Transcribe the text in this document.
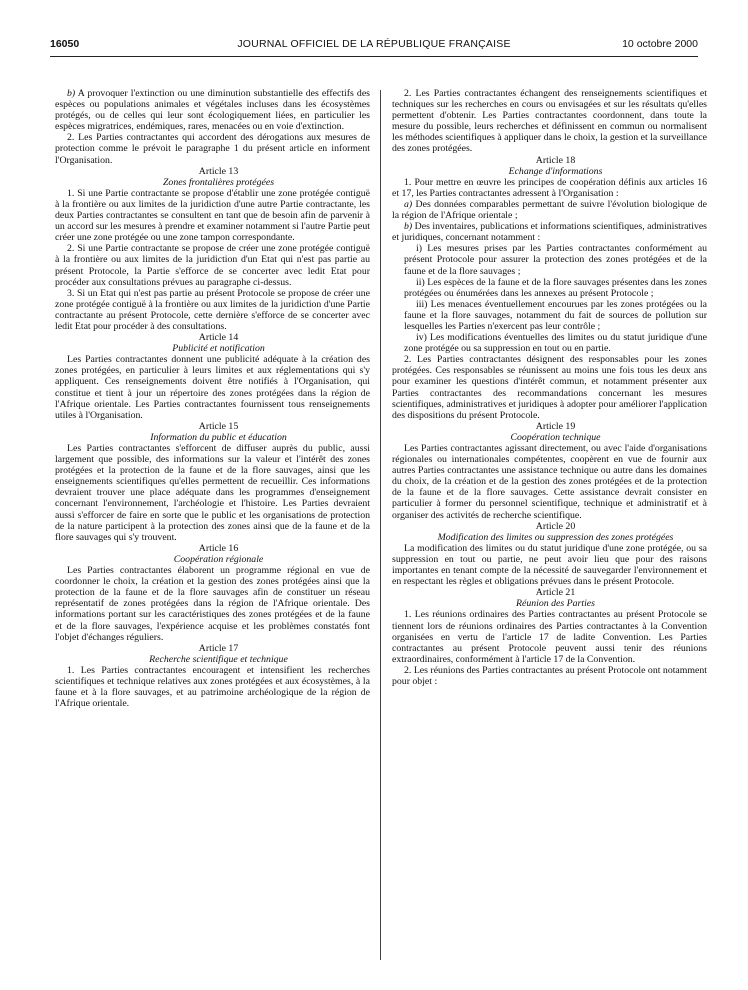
16050	JOURNAL OFFICIEL DE LA RÉPUBLIQUE FRANÇAISE	10 octobre 2000

b) A provoquer l'extinction ou une diminution substantielle des effectifs des espèces ou populations animales et végétales incluses dans les écosystèmes protégés, ou de celles qui leur sont écologiquement liées, en particulier les espèces migratrices, endémiques, rares, menacées ou en voie d'extinction.

2. Les Parties contractantes qui accordent des dérogations aux mesures de protection comme le prévoit le paragraphe 1 du présent article en informent l'Organisation.

Article 13

Zones frontalières protégées

1. Si une Partie contractante se propose d'établir une zone protégée contiguë à la frontière ou aux limites de la juridiction d'une autre Partie contractante, les deux Parties contractantes se consultent en tant que de besoin afin de parvenir à un accord sur les mesures à prendre et examiner notamment si l'autre Partie peut créer une zone protégée ou une zone tampon correspondante.

2. Si une Partie contractante se propose de créer une zone protégée contiguë à la frontière ou aux limites de la juridiction d'un Etat qui n'est pas partie au présent Protocole, la Partie s'efforce de se concerter avec ledit Etat pour procéder aux consultations prévues au paragraphe ci-dessus.

3. Si un Etat qui n'est pas partie au présent Protocole se propose de créer une zone protégée contiguë à la frontière ou aux limites de la juridiction d'une Partie contractante au présent Protocole, cette dernière s'efforce de se concerter avec ledit Etat pour procéder à des consultations.

Article 14

Publicité et notification

Les Parties contractantes donnent une publicité adéquate à la création des zones protégées, en particulier à leurs limites et aux réglementations qui s'y appliquent. Ces renseignements doivent être notifiés à l'Organisation, qui constitue et tient à jour un répertoire des zones protégées dans la région de l'Afrique orientale. Les Parties contractantes fournissent tous renseignements utiles à l'Organisation.

Article 15

Information du public et éducation

Les Parties contractantes s'efforcent de diffuser auprès du public, aussi largement que possible, des informations sur la valeur et l'intérêt des zones protégées et la protection de la faune et de la flore sauvages, ainsi que les enseignements scientifiques qu'elles permettent de recueillir. Ces informations devraient trouver une place adéquate dans les programmes d'enseignement concernant l'environnement, l'archéologie et l'histoire. Les Parties devraient aussi s'efforcer de faire en sorte que le public et les organisations de protection de la nature participent à la protection des zones ainsi que de la faune et de la flore sauvages qui s'y trouvent.

Article 16

Coopération régionale

Les Parties contractantes élaborent un programme régional en vue de coordonner le choix, la création et la gestion des zones protégées ainsi que la protection de la faune et de la flore sauvages afin de constituer un réseau représentatif de zones protégées dans la région de l'Afrique orientale. Des informations portant sur les caractéristiques des zones protégées et de la faune et de la flore sauvages, l'expérience acquise et les problèmes constatés font l'objet d'échanges réguliers.

Article 17

Recherche scientifique et technique

1. Les Parties contractantes encouragent et intensifient les recherches scientifiques et technique relatives aux zones protégées et aux écosystèmes, à la faune et à la flore sauvages, et au patrimoine archéologique de la région de l'Afrique orientale.

2. Les Parties contractantes échangent des renseignements scientifiques et techniques sur les recherches en cours ou envisagées et sur les résultats qu'elles permettent d'obtenir. Les Parties contractantes coordonnent, dans toute la mesure du possible, leurs recherches et définissent en commun ou normalisent les méthodes scientifiques à appliquer dans le choix, la gestion et la surveillance des zones protégées.

Article 18

Echange d'informations

1. Pour mettre en œuvre les principes de coopération définis aux articles 16 et 17, les Parties contractantes adressent à l'Organisation :

a) Des données comparables permettant de suivre l'évolution biologique de la région de l'Afrique orientale ;

b) Des inventaires, publications et informations scientifiques, administratives et juridiques, concernant notamment :

i) Les mesures prises par les Parties contractantes conformément au présent Protocole pour assurer la protection des zones protégées et de la faune et de la flore sauvages ;

ii) Les espèces de la faune et de la flore sauvages présentes dans les zones protégées ou énumérées dans les annexes au présent Protocole ;

iii) Les menaces éventuellement encourues par les zones protégées ou la faune et la flore sauvages, notamment du fait de sources de pollution sur lesquelles les Parties n'exercent pas leur contrôle ;

iv) Les modifications éventuelles des limites ou du statut juridique d'une zone protégée ou sa suppression en tout ou en partie.

2. Les Parties contractantes désignent des responsables pour les zones protégées. Ces responsables se réunissent au moins une fois tous les deux ans pour examiner les questions d'intérêt commun, et notamment présenter aux Parties contractantes des recommandations concernant les mesures scientifiques, administratives et juridiques à adopter pour améliorer l'application des dispositions du présent Protocole.

Article 19

Coopération technique

Les Parties contractantes agissant directement, ou avec l'aide d'organisations régionales ou internationales compétentes, coopèrent en vue de fournir aux autres Parties contractantes une assistance technique ou autre dans les domaines du choix, de la création et de la gestion des zones protégées et de la protection de la faune et de la flore sauvages. Cette assistance devrait consister en particulier à former du personnel scientifique, technique et administratif et à organiser des activités de recherche scientifique.

Article 20

Modification des limites ou suppression des zones protégées

La modification des limites ou du statut juridique d'une zone protégée, ou sa suppression en tout ou partie, ne peut avoir lieu que pour des raisons importantes en tenant compte de la nécessité de sauvegarder l'environnement et en respectant les règles et obligations prévues dans le présent Protocole.

Article 21

Réunion des Parties

1. Les réunions ordinaires des Parties contractantes au présent Protocole se tiennent lors de réunions ordinaires des Parties contractantes à la Convention organisées en vertu de l'article 17 de ladite Convention. Les Parties contractantes au présent Protocole peuvent aussi tenir des réunions extraordinaires, conformément à l'article 17 de la Convention.

2. Les réunions des Parties contractantes au présent Protocole ont notamment pour objet :
